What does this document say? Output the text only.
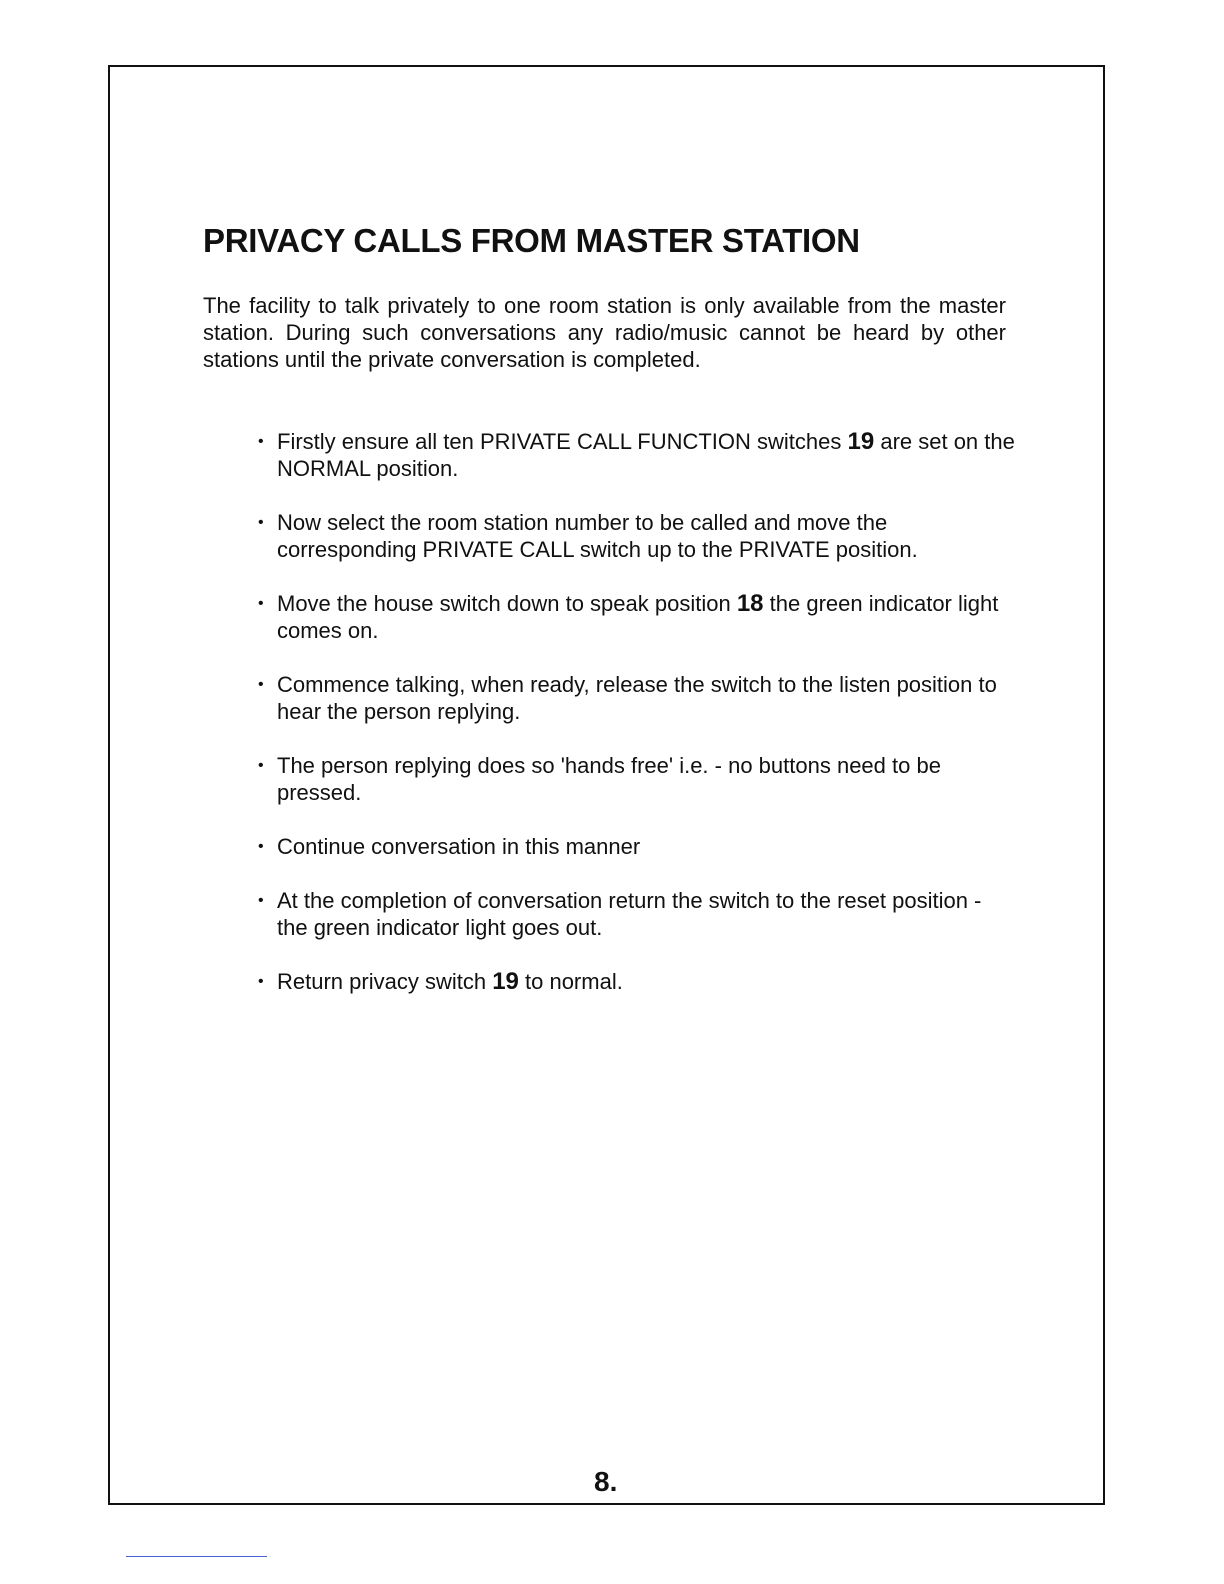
PRIVACY CALLS FROM MASTER STATION

The facility to talk privately to one room station is only available from the master station. During such conversations any radio/music cannot be heard by other stations until the private conversation is completed.

• Firstly ensure all ten PRIVATE CALL FUNCTION switches 19 are set on the NORMAL position.
• Now select the room station number to be called and move the corresponding PRIVATE CALL switch up to the PRIVATE position.
• Move the house switch down to speak position 18 the green indicator light comes on.
• Commence talking, when ready, release the switch to the listen position to hear the person replying.
• The person replying does so 'hands free' i.e. - no buttons need to be pressed.
• Continue conversation in this manner
• At the completion of conversation return the switch to the reset position - the green indicator light goes out.
• Return privacy switch 19 to normal.
8.
